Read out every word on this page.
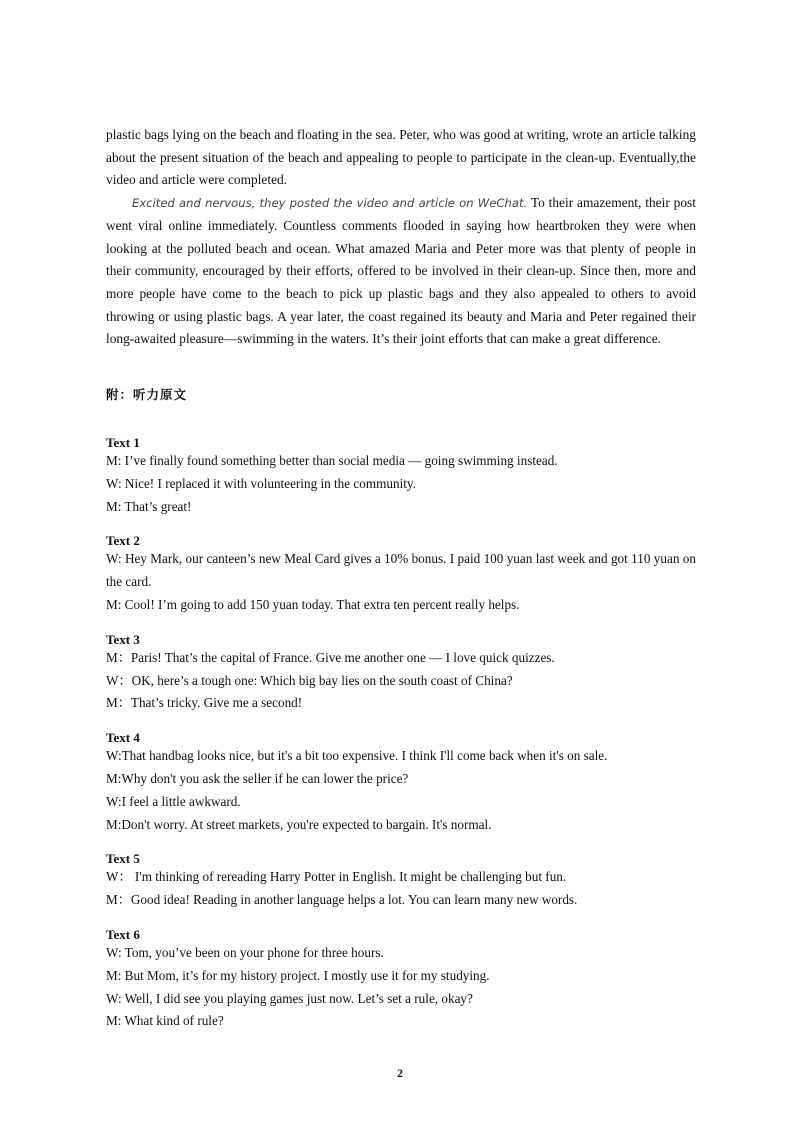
plastic bags lying on the beach and floating in the sea. Peter, who was good at writing, wrote an article talking about the present situation of the beach and appealing to people to participate in the clean-up. Eventually,the video and article were completed.

Excited and nervous, they posted the video and article on WeChat. To their amazement, their post went viral online immediately. Countless comments flooded in saying how heartbroken they were when looking at the polluted beach and ocean. What amazed Maria and Peter more was that plenty of people in their community, encouraged by their efforts, offered to be involved in their clean-up. Since then, more and more people have come to the beach to pick up plastic bags and they also appealed to others to avoid throwing or using plastic bags. A year later, the coast regained its beauty and Maria and Peter regained their long-awaited pleasure—swimming in the waters. It’s their joint efforts that can make a great difference.

附：听力原文
Text 1
M: I’ve finally found something better than social media — going swimming instead.
W: Nice! I replaced it with volunteering in the community.
M: That’s great!
Text 2
W: Hey Mark, our canteen’s new Meal Card gives a 10% bonus. I paid 100 yuan last week and got 110 yuan on the card.
M: Cool! I’m going to add 150 yuan today. That extra ten percent really helps.
Text 3
M：Paris! That’s the capital of France. Give me another one — I love quick quizzes.
W：OK, here’s a tough one: Which big bay lies on the south coast of China?
M：That’s tricky. Give me a second!
Text 4
W:That handbag looks nice, but it's a bit too expensive. I think I'll come back when it's on sale.
M:Why don't you ask the seller if he can lower the price?
W:I feel a little awkward.
M:Don't worry. At street markets, you're expected to bargain. It's normal.
Text 5
W： I'm thinking of rereading Harry Potter in English. It might be challenging but fun.
M：Good idea! Reading in another language helps a lot. You can learn many new words.
Text 6
W: Tom, you’ve been on your phone for three hours.
M: But Mom, it’s for my history project. I mostly use it for my studying.
W: Well, I did see you playing games just now. Let’s set a rule, okay?
M: What kind of rule?
2
